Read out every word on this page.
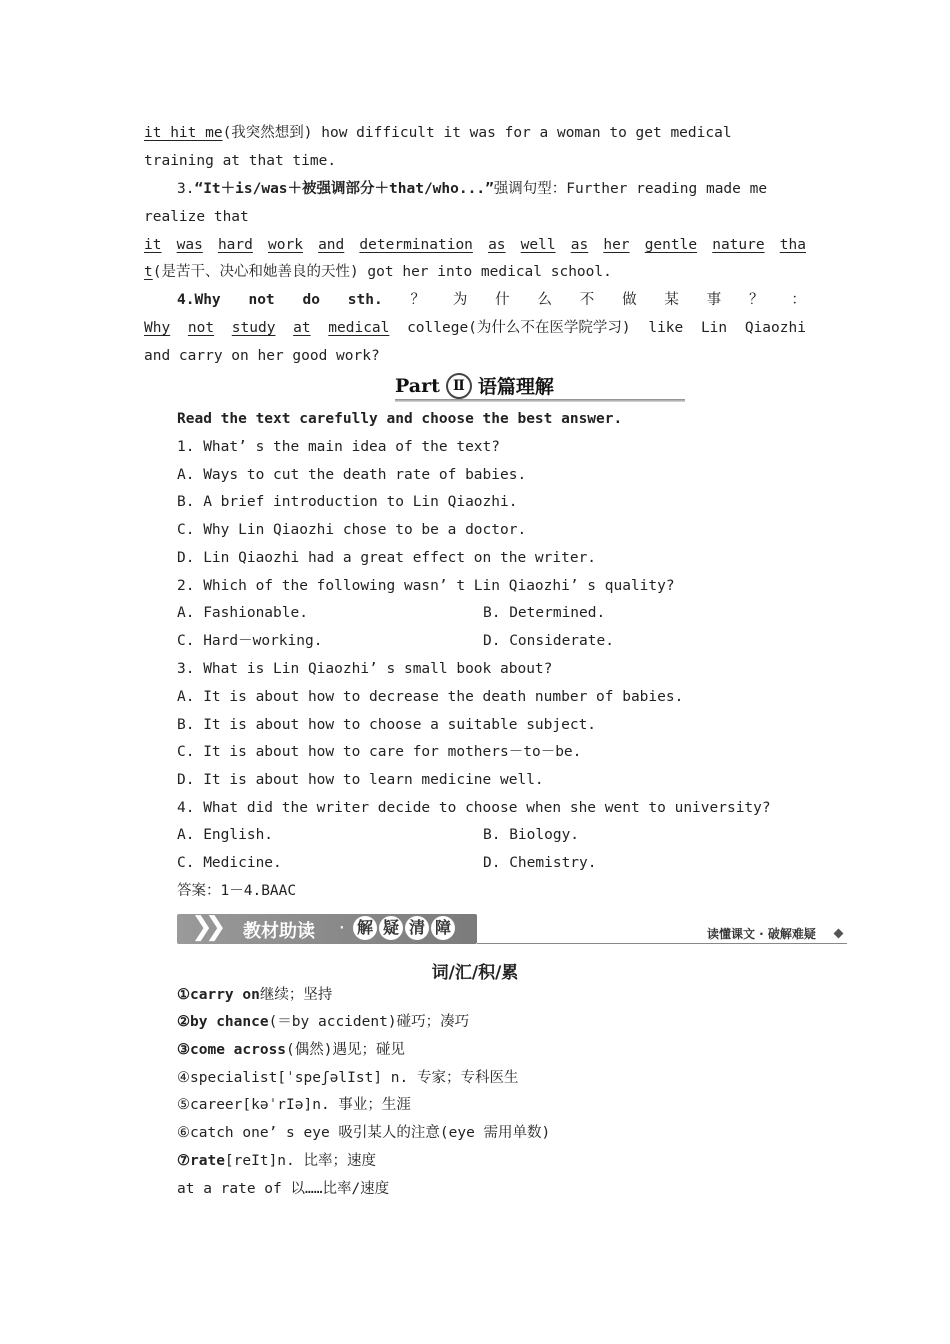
it hit me(我突然想到) how difficult it was for a woman to get medical
training at that time.
3.“It＋is/was＋被强调部分＋that/who...”强调句型：Further reading made me
realize that
it was hard work and determination as well as her gentle nature tha
t(是苦干、决心和她善良的天性) got her into medical school.
4.Why not do sth. ？ 为 什 么 不 做 某 事 ？ ：
Why not study at medical college(为什么不在医学院学习) like Lin Qiaozhi
and carry on her good work?
Part Ⅱ 语篇理解
Read the text carefully and choose the best answer.
1. What’ s the main idea of the text?
A. Ways to cut the death rate of babies.
B. A brief introduction to Lin Qiaozhi.
C. Why Lin Qiaozhi chose to be a doctor.
D. Lin Qiaozhi had a great effect on the writer.
2. Which of the following wasn’ t Lin Qiaozhi’ s quality?
A. Fashionable.	B. Determined.
C. Hard－working.	D. Considerate.
3. What is Lin Qiaozhi’ s small book about?
A. It is about how to decrease the death number of babies.
B. It is about how to choose a suitable subject.
C. It is about how to care for mothers－to－be.
D. It is about how to learn medicine well.
4. What did the writer decide to choose when she went to university?
A. English.	B. Biology.
C. Medicine.	D. Chemistry.
答案：1－4.BAAC
❯❯ 教材助读 · 解 疑 清 障	读懂课文 · 破解难疑
词/汇/积/累
①carry on继续；坚持
②by chance(＝by accident)碰巧；凑巧
③come across(偶然)遇见；碰见
④specialist[ˈspeʃəlIst] n. 专家；专科医生
⑤career[kəˈrIə]n. 事业；生涯
⑥catch one’ s eye 吸引某人的注意(eye 需用单数)
⑦rate[reIt]n. 比率；速度
at a rate of 以……比率/速度
